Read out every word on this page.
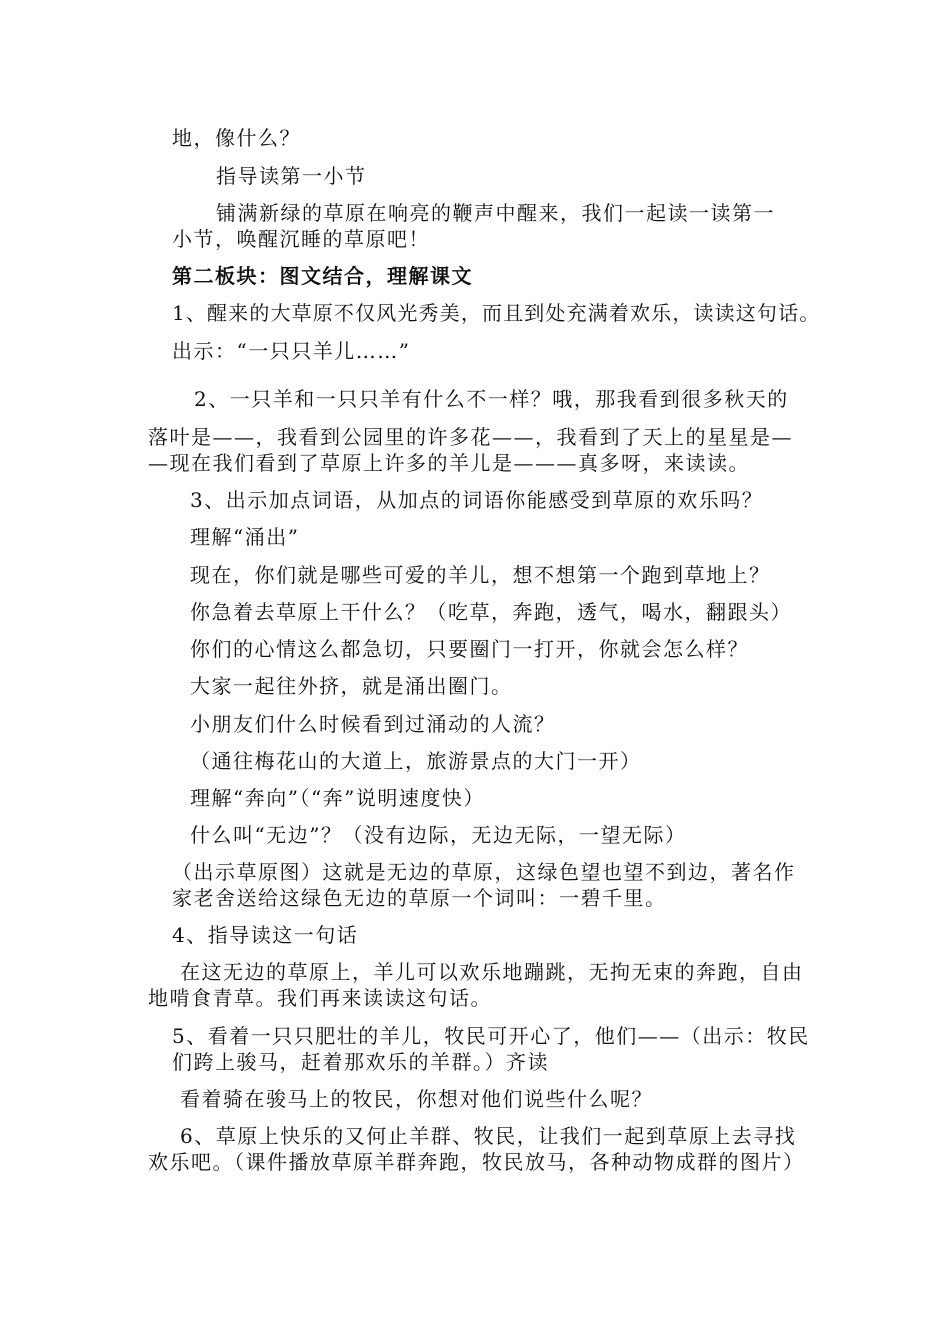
地，像什么？
指导读第一小节
铺满新绿的草原在响亮的鞭声中醒来，我们一起读一读第一
小节，唤醒沉睡的草原吧！
第二板块：图文结合，理解课文
1、醒来的大草原不仅风光秀美，而且到处充满着欢乐，读读这句话。
出示：“一只只羊儿……”
2、一只羊和一只只羊有什么不一样？哦，那我看到很多秋天的
落叶是——，我看到公园里的许多花——，我看到了天上的星星是—
—现在我们看到了草原上许多的羊儿是———真多呀，来读读。
3、出示加点词语，从加点的词语你能感受到草原的欢乐吗？
理解“涌出”
现在，你们就是哪些可爱的羊儿，想不想第一个跑到草地上？
你急着去草原上干什么？（吃草，奔跑，透气，喝水，翻跟头）
你们的心情这么都急切，只要圈门一打开，你就会怎么样？
大家一起往外挤，就是涌出圈门。
小朋友们什么时候看到过涌动的人流？
（通往梅花山的大道上，旅游景点的大门一开）
理解“奔向”（“奔”说明速度快）
什么叫“无边”？（没有边际，无边无际，一望无际）
（出示草原图）这就是无边的草原，这绿色望也望不到边，著名作
家老舍送给这绿色无边的草原一个词叫：一碧千里。
4、指导读这一句话
在这无边的草原上，羊儿可以欢乐地蹦跳，无拘无束的奔跑，自由
地啃食青草。我们再来读读这句话。
5、看着一只只肥壮的羊儿，牧民可开心了，他们——（出示：牧民
们跨上骏马，赶着那欢乐的羊群。）齐读
看着骑在骏马上的牧民，你想对他们说些什么呢？
6、草原上快乐的又何止羊群、牧民，让我们一起到草原上去寻找
欢乐吧。（课件播放草原羊群奔跑，牧民放马，各种动物成群的图片）
